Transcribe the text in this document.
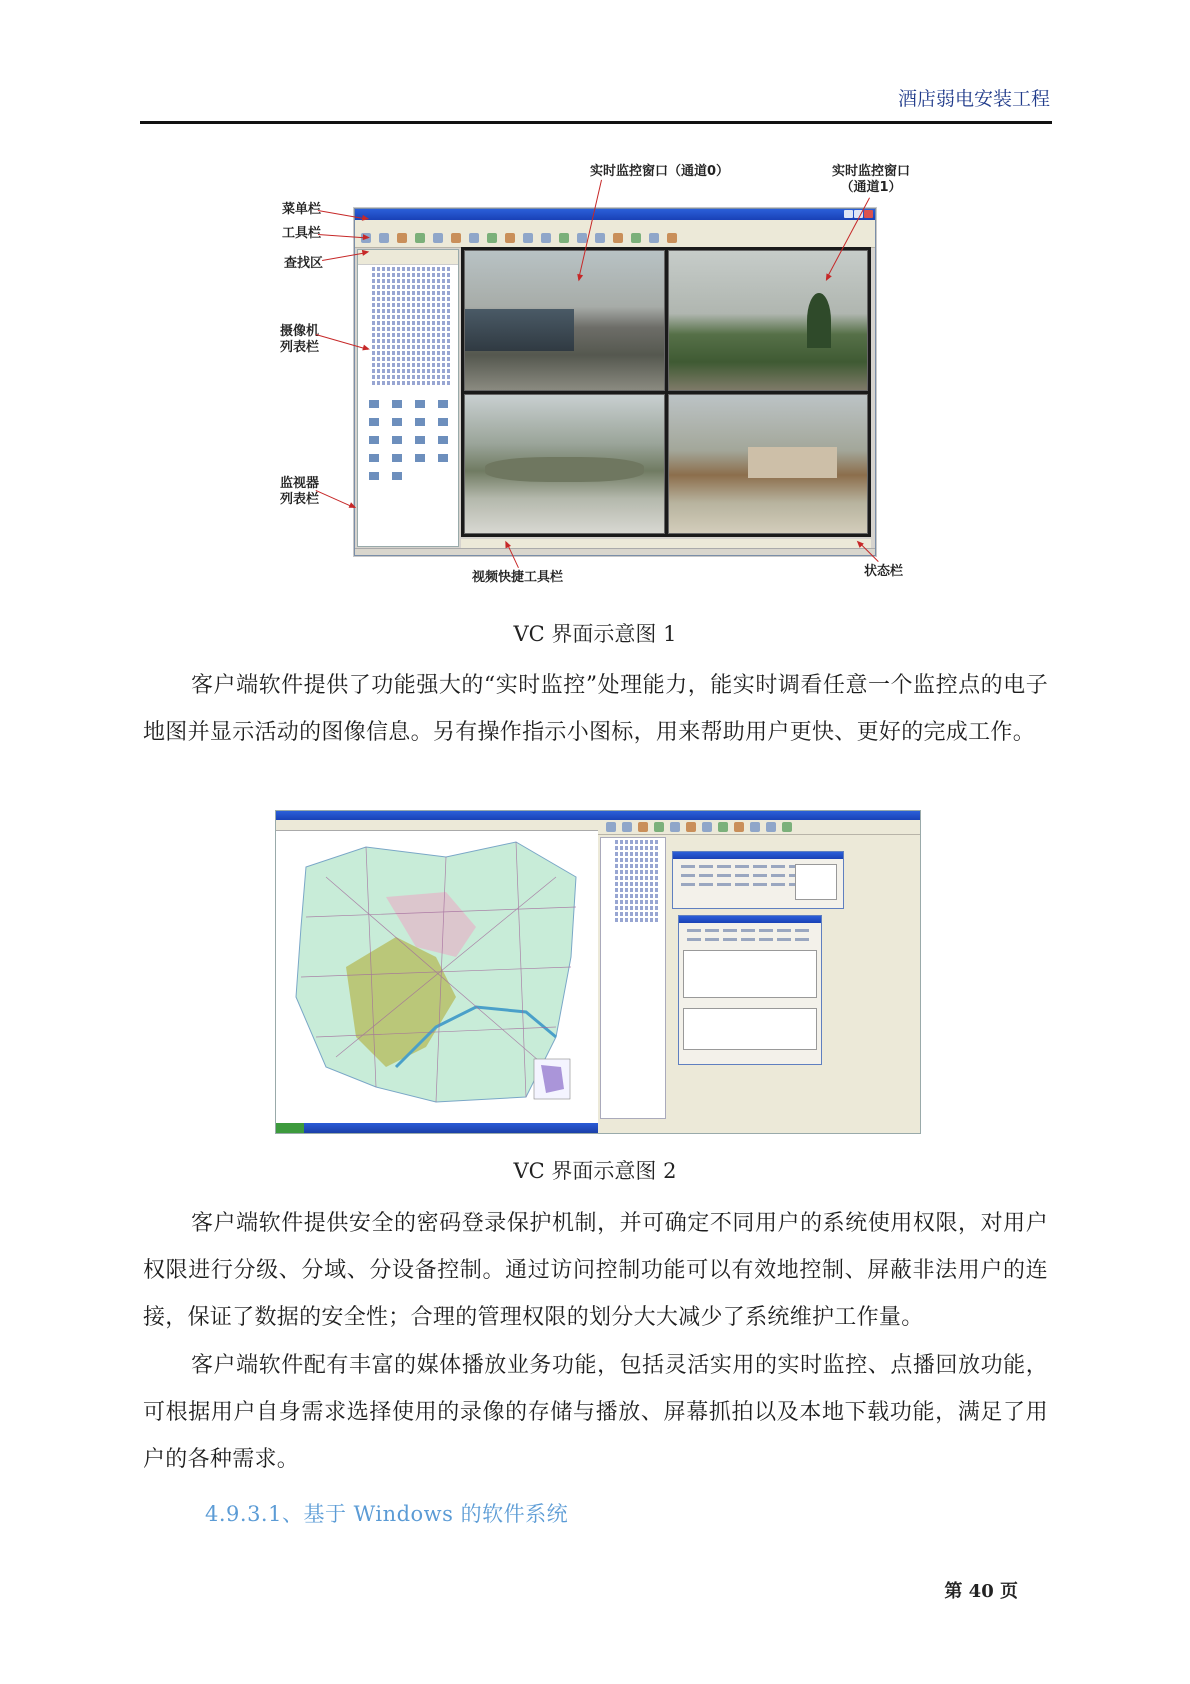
酒店弱电安装工程
实时监控窗口（通道0）	实时监控窗口
（通道1）
菜单栏
工具栏
查找区
摄像机
列表栏
监视器
列表栏
视频快捷工具栏	状态栏
VC 界面示意图 1

客户端软件提供了功能强大的“实时监控”处理能力，能实时调看任意一个监控点的电子地图并显示活动的图像信息。另有操作指示小图标，用来帮助用户更快、更好的完成工作。

VC 界面示意图 2

客户端软件提供安全的密码登录保护机制，并可确定不同用户的系统使用权限，对用户权限进行分级、分域、分设备控制。通过访问控制功能可以有效地控制、屏蔽非法用户的连接，保证了数据的安全性；合理的管理权限的划分大大减少了系统维护工作量。

客户端软件配有丰富的媒体播放业务功能，包括灵活实用的实时监控、点播回放功能，可根据用户自身需求选择使用的录像的存储与播放、屏幕抓拍以及本地下载功能，满足了用户的各种需求。

4.9.3.1、基于 Windows 的软件系统
第 40 页
